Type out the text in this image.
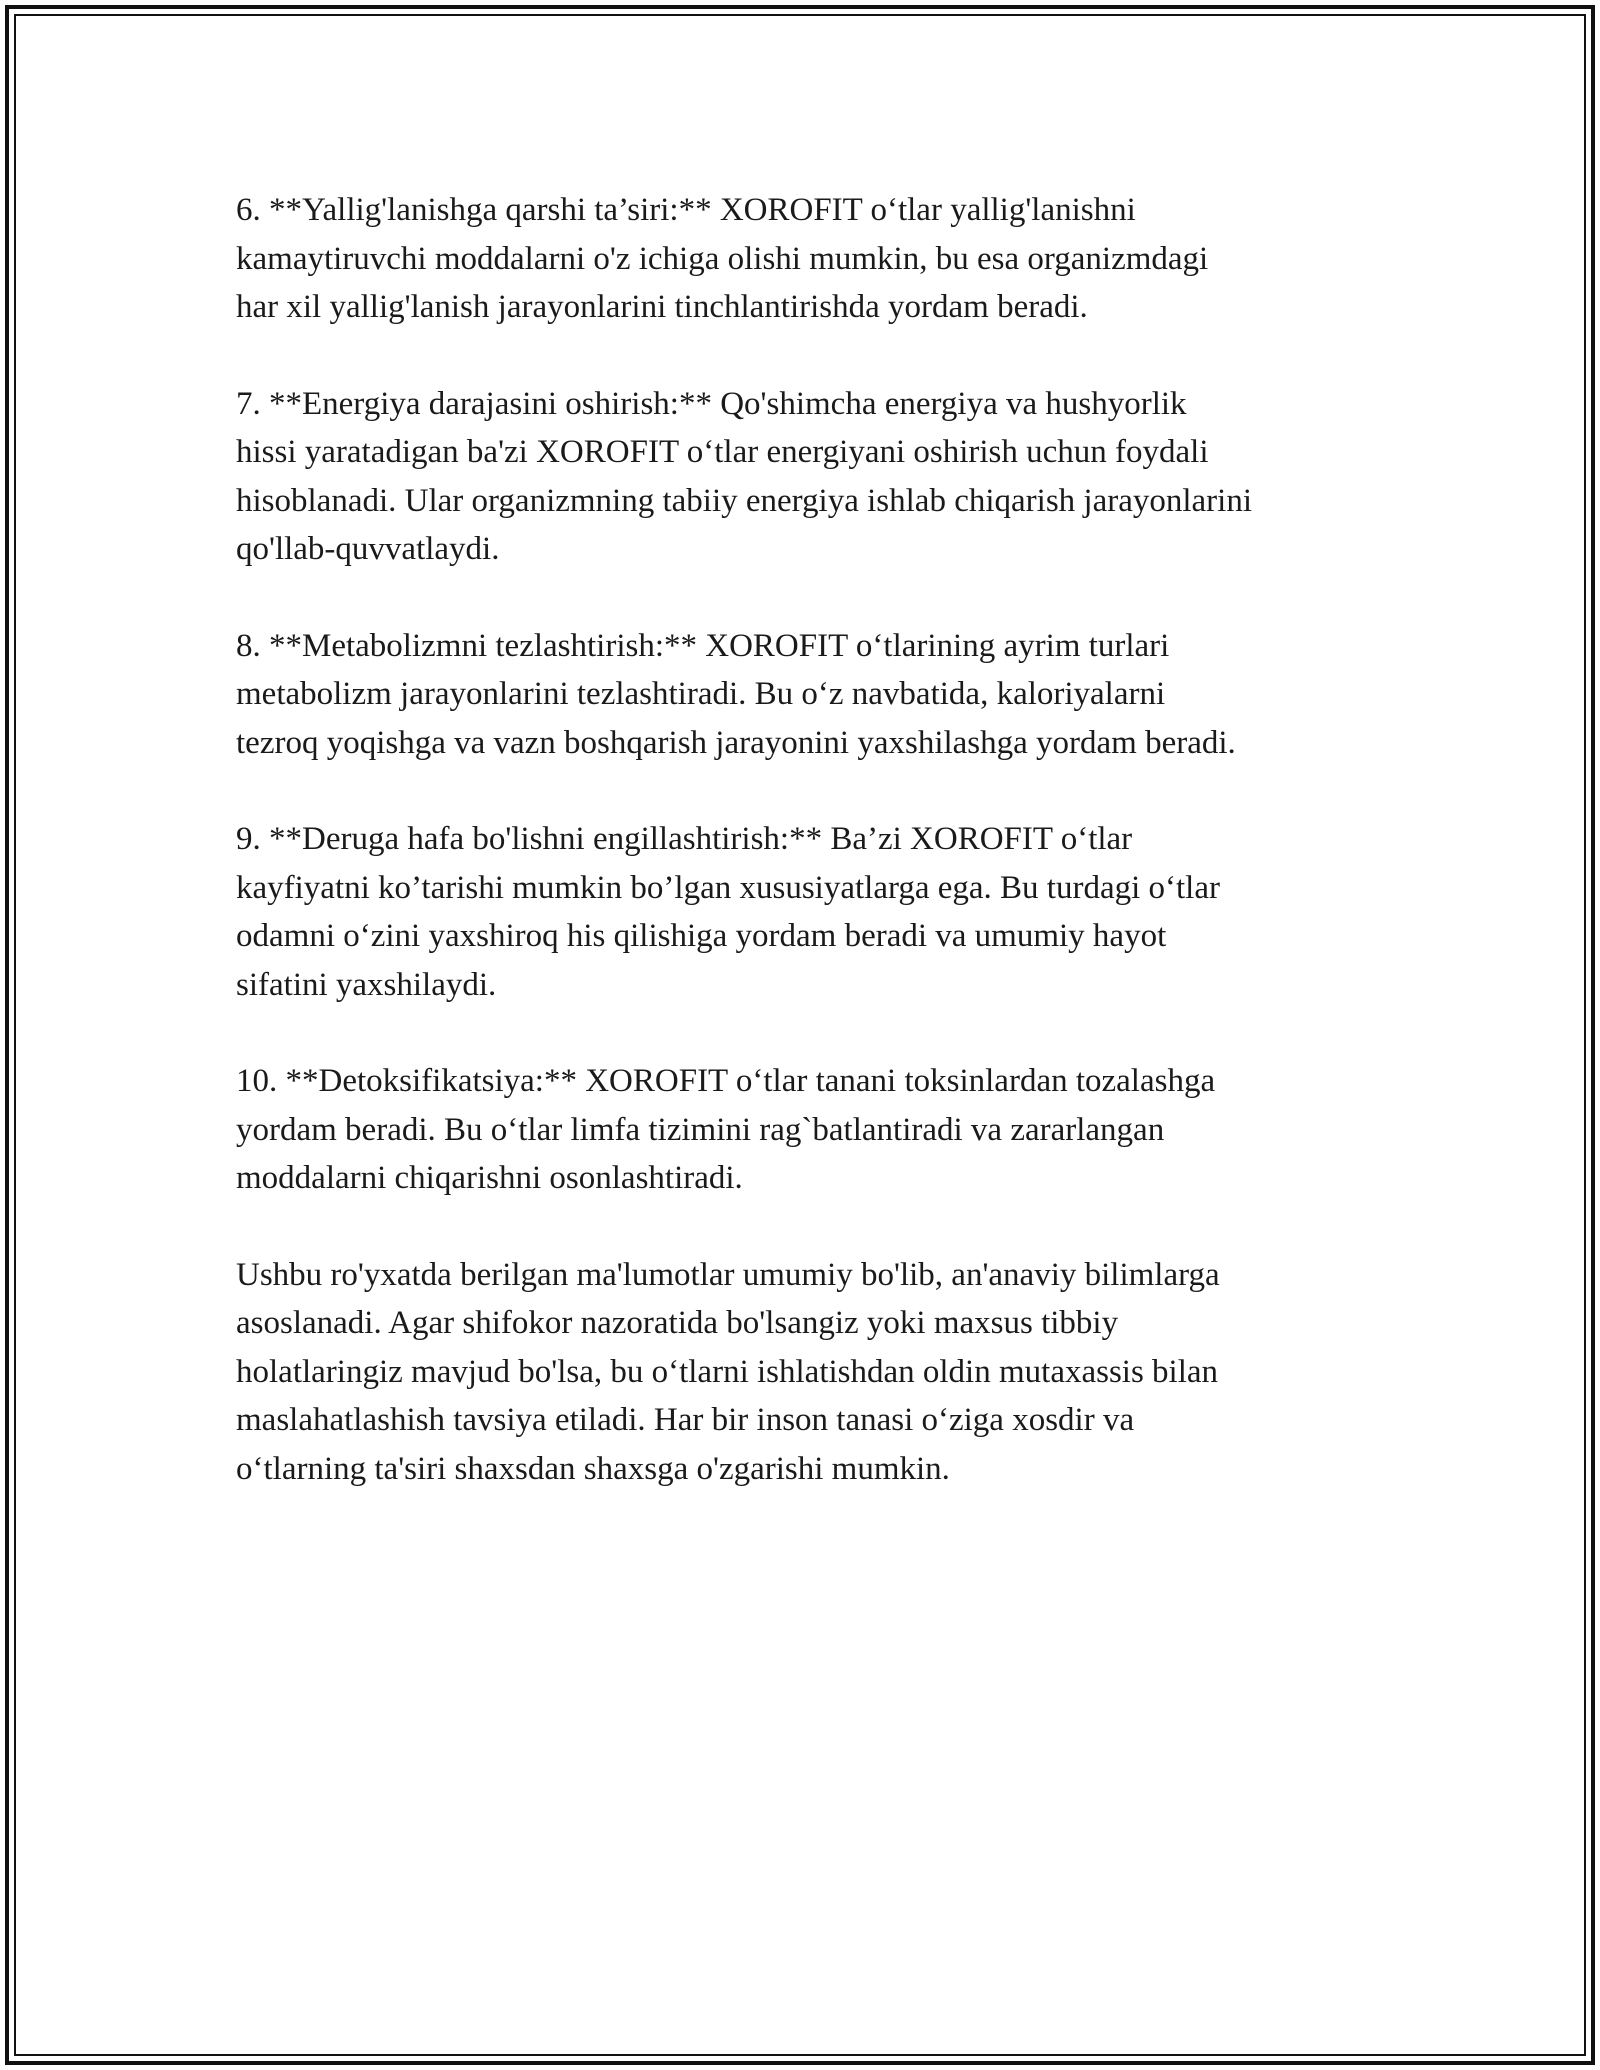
6. **Yallig'lanishga qarshi ta’siri:** XOROFIT o‘tlar yallig'lanishni
kamaytiruvchi moddalarni o'z ichiga olishi mumkin, bu esa organizmdagi
har xil yallig'lanish jarayonlarini tinchlantirishda yordam beradi.

7. **Energiya darajasini oshirish:** Qo'shimcha energiya va hushyorlik
hissi yaratadigan ba'zi XOROFIT o‘tlar energiyani oshirish uchun foydali
hisoblanadi. Ular organizmning tabiiy energiya ishlab chiqarish jarayonlarini
qo'llab-quvvatlaydi.

8. **Metabolizmni tezlashtirish:** XOROFIT o‘tlarining ayrim turlari
metabolizm jarayonlarini tezlashtiradi. Bu o‘z navbatida, kaloriyalarni
tezroq yoqishga va vazn boshqarish jarayonini yaxshilashga yordam beradi.

9. **Deruga hafa bo'lishni engillashtirish:** Ba’zi XOROFIT o‘tlar
kayfiyatni ko’tarishi mumkin bo’lgan xususiyatlarga ega. Bu turdagi o‘tlar
odamni o‘zini yaxshiroq his qilishiga yordam beradi va umumiy hayot
sifatini yaxshilaydi.

10. **Detoksifikatsiya:** XOROFIT o‘tlar tanani toksinlardan tozalashga
yordam beradi. Bu o‘tlar limfa tizimini rag`batlantiradi va zararlangan
moddalarni chiqarishni osonlashtiradi.

Ushbu ro'yxatda berilgan ma'lumotlar umumiy bo'lib, an'anaviy bilimlarga
asoslanadi. Agar shifokor nazoratida bo'lsangiz yoki maxsus tibbiy
holatlaringiz mavjud bo'lsa, bu o‘tlarni ishlatishdan oldin mutaxassis bilan
maslahatlashish tavsiya etiladi. Har bir inson tanasi o‘ziga xosdir va
o‘tlarning ta'siri shaxsdan shaxsga o'zgarishi mumkin.
